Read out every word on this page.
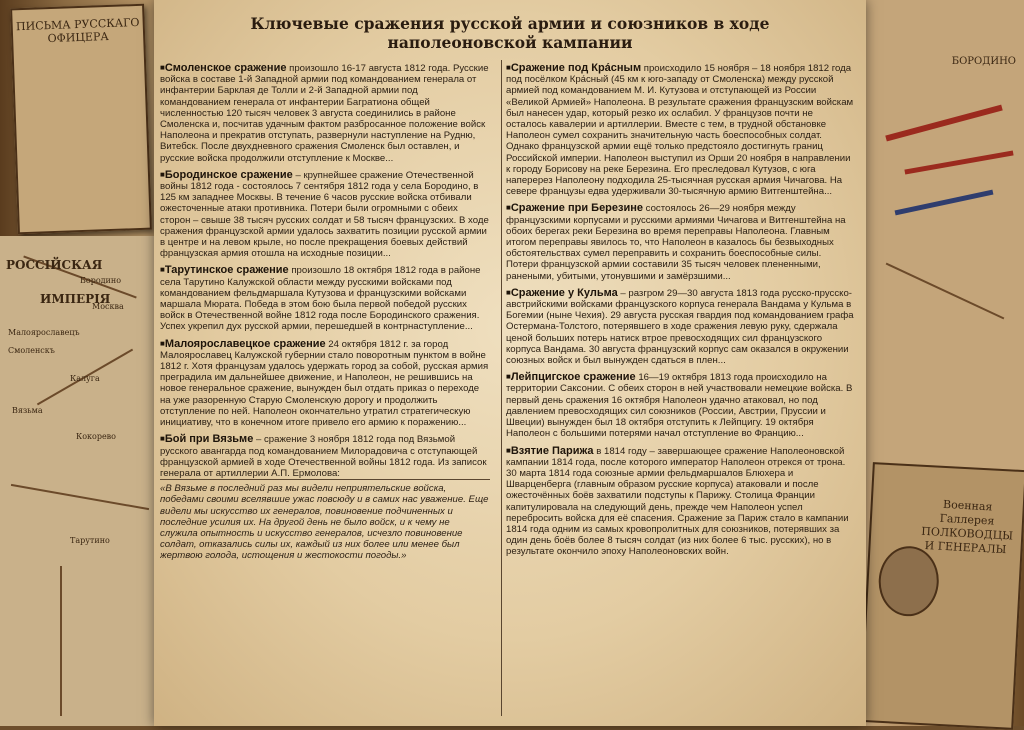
ПИСЬМА РУССКАГО ОФИЦЕРА
РОССІЙСКАЯ
ИМПЕРІЯ
Бородино
Москва
Калуга
Смоленскъ
Малоярославецъ
Вязьма
Кокорево
Тарутино
БОРОДИНО
Военная Галлерея ПОЛКОВОДЦЫ И ГЕНЕРАЛЫ
Ключевые сражения русской армии и союзников в ходе наполеоновской кампании

■ Смоленское сражение произошло 16-17 августа 1812 года. Русские войска в составе 1-й Западной армии под командованием генерала от инфантерии Барклая де Толли и 2-й Западной армии под командованием генерала от инфантерии Багратиона общей численностью 120 тысяч человек 3 августа соединились в районе Смоленска и, посчитав удачным фактом разбросанное положение войск Наполеона и прекратив отступать, развернули наступление на Рудню, Витебск. После двухдневного сражения Смоленск был оставлен, и русские войска продолжили отступление к Москве...

■ Бородинское сражение – крупнейшее сражение Отечественной войны 1812 года - состоялось 7 сентября 1812 года у села Бородино, в 125 км западнее Москвы. В течение 6 часов русские войска отбивали ожесточенные атаки противника. Потери были огромными с обеих сторон – свыше 38 тысяч русских солдат и 58 тысяч французских. В ходе сражения французской армии удалось захватить позиции русской армии в центре и на левом крыле, но после прекращения боевых действий французская армия отошла на исходные позиции...

■ Тарутинское сражение произошло 18 октября 1812 года в районе села Тарутино Калужской области между русскими войсками под командованием фельдмаршала Кутузова и французскими войсками маршала Мюрата. Победа в этом бою была первой победой русских войск в Отечественной войне 1812 года после Бородинского сражения. Успех укрепил дух русской армии, перешедшей в контрнаступление...

■ Малоярославецкое сражение 24 октября 1812 г. за город Малоярославец Калужской губернии стало поворотным пунктом в войне 1812 г. Хотя французам удалось удержать город за собой, русская армия преградила им дальнейшее движение, и Наполеон, не решившись на новое генеральное сражение, вынужден был отдать приказ о переходе на уже разоренную Старую Смоленскую дорогу и продолжить отступление по ней. Наполеон окончательно утратил стратегическую инициативу, что в конечном итоге привело его армию к поражению...

■ Бой при Вязьме – сражение 3 ноября 1812 года под Вязьмой русского авангарда под командованием Милорадовича с отступающей французской армией в ходе Отечественной войны 1812 года. Из записок генерала от артиллерии А.П. Ермолова:

«В Вязьме в последний раз мы видели неприятельские войска, победами своими вселявшие ужас повсюду и в самих нас уважение. Еще видели мы искусство их генералов, повиновение подчиненных и последние усилия их. На другой день не было войск, и к чему не служила опытность и искусство генералов, исчезло повиновение солдат, отказались силы их, каждый из них более или менее был жертвою голода, истощения и жестокости погоды.»

■ Сражение под Кра́сным происходило 15 ноября – 18 ноября 1812 года под посёлком Кра́сный (45 км к юго-западу от Смоленска) между русской армией под командованием М. И. Кутузова и отступающей из России «Великой Армией» Наполеона. В результате сражения французским войскам был нанесен удар, который резко их ослабил. У французов почти не осталось кавалерии и артиллерии. Вместе с тем, в трудной обстановке Наполеон сумел сохранить значительную часть боеспособных солдат. Однако французской армии ещё только предстояло достигнуть границ Российской империи. Наполеон выступил из Орши 20 ноября в направлении к городу Борисову на реке Березина. Его преследовал Кутузов, с юга наперерез Наполеону подходила 25-тысячная русская армия Чичагова. На севере французы едва удерживали 30-тысячную армию Витгенштейна...

■ Сражение при Березине состоялось 26—29 ноября между французскими корпусами и русскими армиями Чичагова и Витгенштейна на обоих берегах реки Березина во время переправы Наполеона. Главным итогом переправы явилось то, что Наполеон в казалось бы безвыходных обстоятельствах сумел переправить и сохранить боеспособные силы. Потери французской армии составили 35 тысяч человек плененными, ранеными, убитыми, утонувшими и замёрзшими...

■ Сражение у Кульма – разгром 29—30 августа 1813 года русско-прусско-австрийскими войсками французского корпуса генерала Вандама у Кульма в Богемии (ныне Чехия). 29 августа русская гвардия под командованием графа Остермана-Толстого, потерявшего в ходе сражения левую руку, сдержала ценой больших потерь натиск втрое превосходящих сил французского корпуса Вандама. 30 августа французский корпус сам оказался в окружении союзных войск и был вынужден сдаться в плен...

■ Лейпцигское сражение 16—19 октября 1813 года происходило на территории Саксонии. С обеих сторон в ней участвовали немецкие войска. В первый день сражения 16 октября Наполеон удачно атаковал, но под давлением превосходящих сил союзников (России, Австрии, Пруссии и Швеции) вынужден был 18 октября отступить к Лейпцигу. 19 октября Наполеон с большими потерями начал отступление во Францию...

■ Взятие Парижа в 1814 году – завершающее сражение Наполеоновской кампании 1814 года, после которого император Наполеон отрекся от трона. 30 марта 1814 года союзные армии фельдмаршалов Блюхера и Шварценберга (главным образом русские корпуса) атаковали и после ожесточённых боёв захватили подступы к Парижу. Столица Франции капитулировала на следующий день, прежде чем Наполеон успел перебросить войска для её спасения. Сражение за Париж стало в кампании 1814 года одним из самых кровопролитных для союзников, потерявших за один день боёв более 8 тысяч солдат (из них более 6 тыс. русских), но в результате окончило эпоху Наполеоновских войн.
